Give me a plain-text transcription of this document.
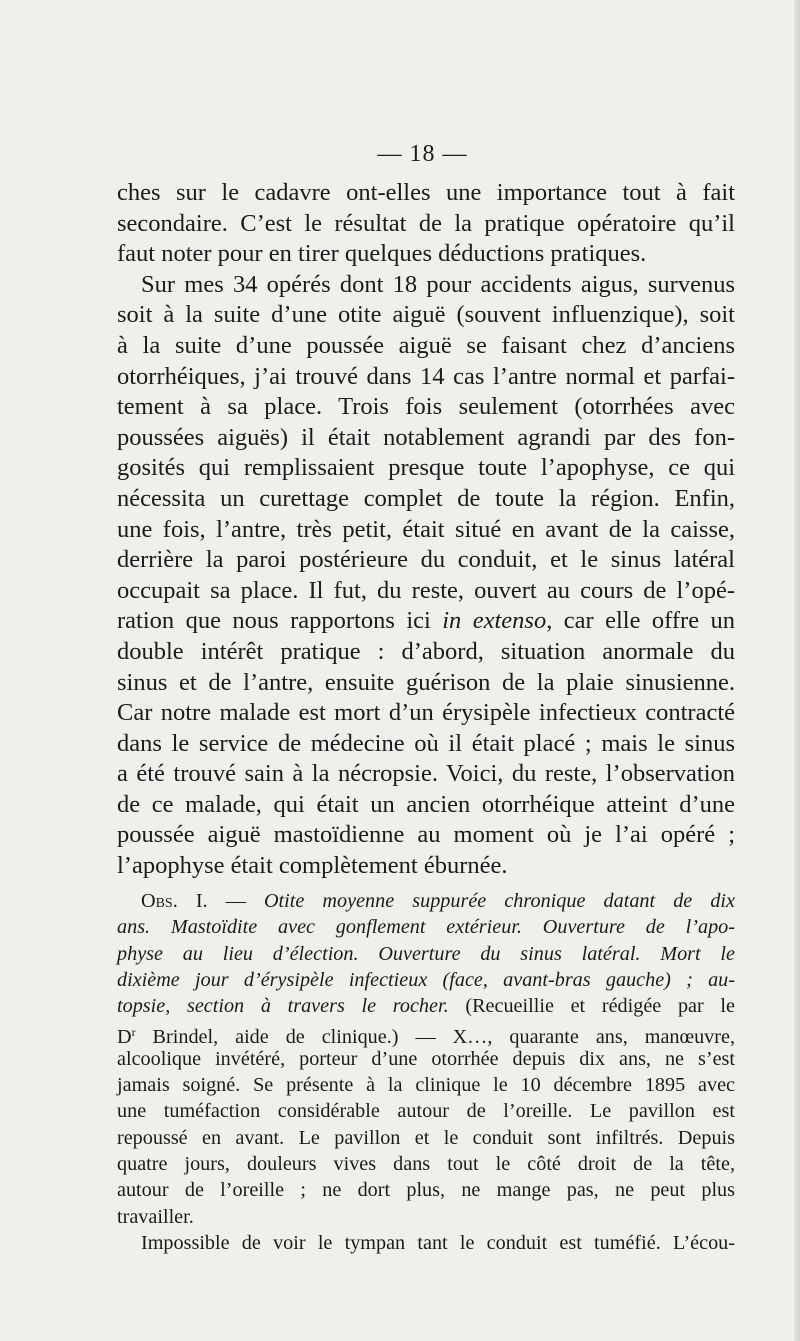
— 18 —
ches sur le cadavre ont-elles une importance tout à fait
secondaire. C’est le résultat de la pratique opératoire qu’il
faut noter pour en tirer quelques déductions pratiques.
Sur mes 34 opérés dont 18 pour accidents aigus, survenus
soit à la suite d’une otite aiguë (souvent influenzique), soit
à la suite d’une poussée aiguë se faisant chez d’anciens
otorrhéiques, j’ai trouvé dans 14 cas l’antre normal et parfai-
tement à sa place. Trois fois seulement (otorrhées avec
poussées aiguës) il était notablement agrandi par des fon-
gosités qui remplissaient presque toute l’apophyse, ce qui
nécessita un curettage complet de toute la région. Enfin,
une fois, l’antre, très petit, était situé en avant de la caisse,
derrière la paroi postérieure du conduit, et le sinus latéral
occupait sa place. Il fut, du reste, ouvert au cours de l’opé-
ration que nous rapportons ici in extenso, car elle offre un
double intérêt pratique : d’abord, situation anormale du
sinus et de l’antre, ensuite guérison de la plaie sinusienne.
Car notre malade est mort d’un érysipèle infectieux contracté
dans le service de médecine où il était placé ; mais le sinus
a été trouvé sain à la nécropsie. Voici, du reste, l’observation
de ce malade, qui était un ancien otorrhéique atteint d’une
poussée aiguë mastoïdienne au moment où je l’ai opéré ;
l’apophyse était complètement éburnée.
Obs. I. — Otite moyenne suppurée chronique datant de dix
ans. Mastoïdite avec gonflement extérieur. Ouverture de l’apo-
physe au lieu d’élection. Ouverture du sinus latéral. Mort le
dixième jour d’érysipèle infectieux (face, avant-bras gauche) ; au-
topsie, section à travers le rocher. (Recueillie et rédigée par le
$D^r$ Brindel, aide de clinique.) — X…, quarante ans, manœuvre,
alcoolique invétéré, porteur d’une otorrhée depuis dix ans, ne s’est
jamais soigné. Se présente à la clinique le 10 décembre 1895 avec
une tuméfaction considérable autour de l’oreille. Le pavillon est
repoussé en avant. Le pavillon et le conduit sont infiltrés. Depuis
quatre jours, douleurs vives dans tout le côté droit de la tête,
autour de l’oreille ; ne dort plus, ne mange pas, ne peut plus
travailler.
Impossible de voir le tympan tant le conduit est tuméfié. L’écou-
